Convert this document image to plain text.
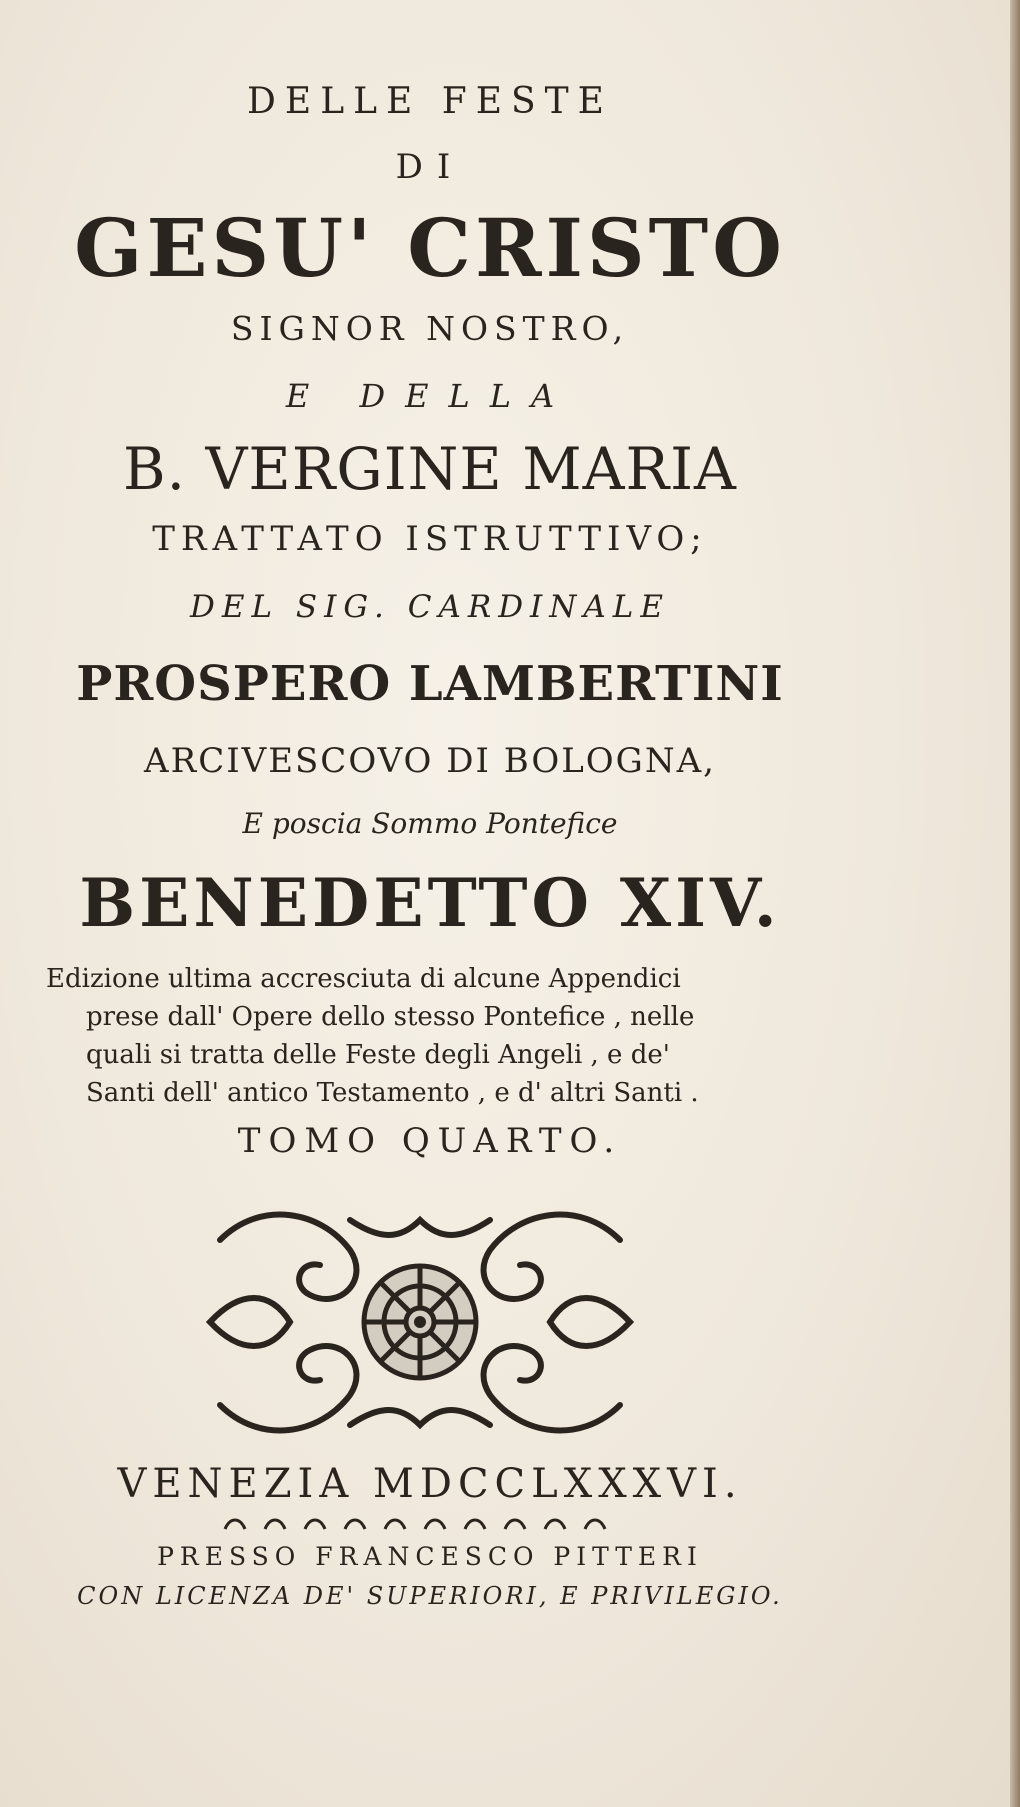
DELLE FESTE
DI
GESU' CRISTO
SIGNOR NOSTRO,
E DELLA
B. VERGINE MARIA
TRATTATO ISTRUTTIVO;
DEL SIG. CARDINALE
PROSPERO LAMBERTINI
ARCIVESCOVO DI BOLOGNA,
E poscia Sommo Pontefice
BENEDETTO XIV.
Edizione ultima accresciuta di alcune Appendici
prese dall' Opere dello stesso Pontefice , nelle
quali si tratta delle Feste degli Angeli , e de'
Santi dell' antico Testamento , e d' altri Santi .
TOMO QUARTO.
VENEZIA MDCCLXXXVI.
PRESSO FRANCESCO PITTERI
CON LICENZA DE' SUPERIORI, E PRIVILEGIO.
